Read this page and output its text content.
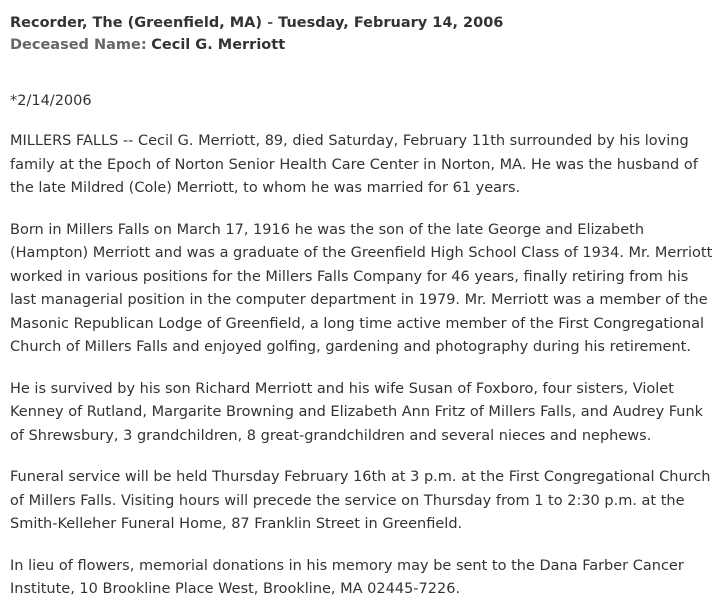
Recorder, The (Greenfield, MA) - Tuesday, February 14, 2006

Deceased Name: Cecil G. Merriott

*2/14/2006

MILLERS FALLS -- Cecil G. Merriott, 89, died Saturday, February 11th surrounded by his loving family at the Epoch of Norton Senior Health Care Center in Norton, MA. He was the husband of the late Mildred (Cole) Merriott, to whom he was married for 61 years.

Born in Millers Falls on March 17, 1916 he was the son of the late George and Elizabeth (Hampton) Merriott and was a graduate of the Greenfield High School Class of 1934. Mr. Merriott worked in various positions for the Millers Falls Company for 46 years, finally retiring from his last managerial position in the computer department in 1979. Mr. Merriott was a member of the Masonic Republican Lodge of Greenfield, a long time active member of the First Congregational Church of Millers Falls and enjoyed golfing, gardening and photography during his retirement.

He is survived by his son Richard Merriott and his wife Susan of Foxboro, four sisters, Violet Kenney of Rutland, Margarite Browning and Elizabeth Ann Fritz of Millers Falls, and Audrey Funk of Shrewsbury, 3 grandchildren, 8 great-grandchildren and several nieces and nephews.

Funeral service will be held Thursday February 16th at 3 p.m. at the First Congregational Church of Millers Falls. Visiting hours will precede the service on Thursday from 1 to 2:30 p.m. at the Smith-Kelleher Funeral Home, 87 Franklin Street in Greenfield.

In lieu of flowers, memorial donations in his memory may be sent to the Dana Farber Cancer Institute, 10 Brookline Place West, Brookline, MA 02445-7226.
